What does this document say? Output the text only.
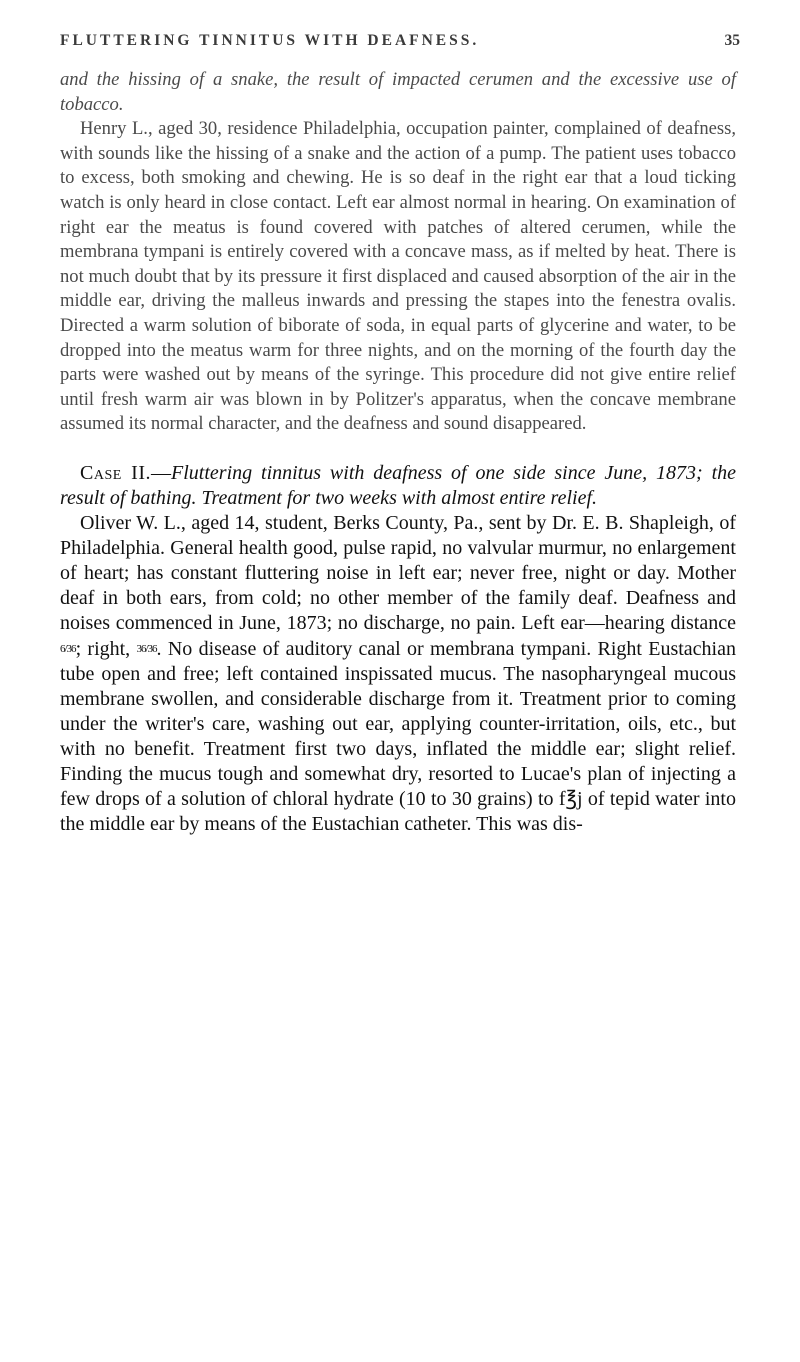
FLUTTERING TINNITUS WITH DEAFNESS.	35

and the hissing of a snake, the result of impacted cerumen and the excessive use of tobacco.

Henry L., aged 30, residence Philadelphia, occupation painter, complained of deafness, with sounds like the hissing of a snake and the action of a pump. The patient uses tobacco to excess, both smoking and chewing. He is so deaf in the right ear that a loud ticking watch is only heard in close contact. Left ear almost normal in hearing. On examination of right ear the meatus is found covered with patches of altered cerumen, while the membrana tympani is entirely covered with a concave mass, as if melted by heat. There is not much doubt that by its pressure it first displaced and caused absorption of the air in the middle ear, driving the malleus inwards and pressing the stapes into the fenestra ovalis. Directed a warm solution of biborate of soda, in equal parts of glycerine and water, to be dropped into the meatus warm for three nights, and on the morning of the fourth day the parts were washed out by means of the syringe. This procedure did not give entire relief until fresh warm air was blown in by Politzer's apparatus, when the concave membrane assumed its normal character, and the deafness and sound disappeared.

Case II.—Fluttering tinnitus with deafness of one side since June, 1873; the result of bathing. Treatment for two weeks with almost entire relief.

Oliver W. L., aged 14, student, Berks County, Pa., sent by Dr. E. B. Shapleigh, of Philadelphia. General health good, pulse rapid, no valvular murmur, no enlargement of heart; has constant fluttering noise in left ear; never free, night or day. Mother deaf in both ears, from cold; no other member of the family deaf. Deafness and noises commenced in June, 1873; no discharge, no pain. Left ear—hearing distance 6/36; right, 36/36. No disease of auditory canal or membrana tympani. Right Eustachian tube open and free; left contained inspissated mucus. The nasopharyngeal mucous membrane swollen, and considerable discharge from it. Treatment prior to coming under the writer's care, washing out ear, applying counter-irritation, oils, etc., but with no benefit. Treatment first two days, inflated the middle ear; slight relief. Finding the mucus tough and somewhat dry, resorted to Lucae's plan of injecting a few drops of a solution of chloral hydrate (10 to 30 grains) to f℥j of tepid water into the middle ear by means of the Eustachian catheter. This was dis-
